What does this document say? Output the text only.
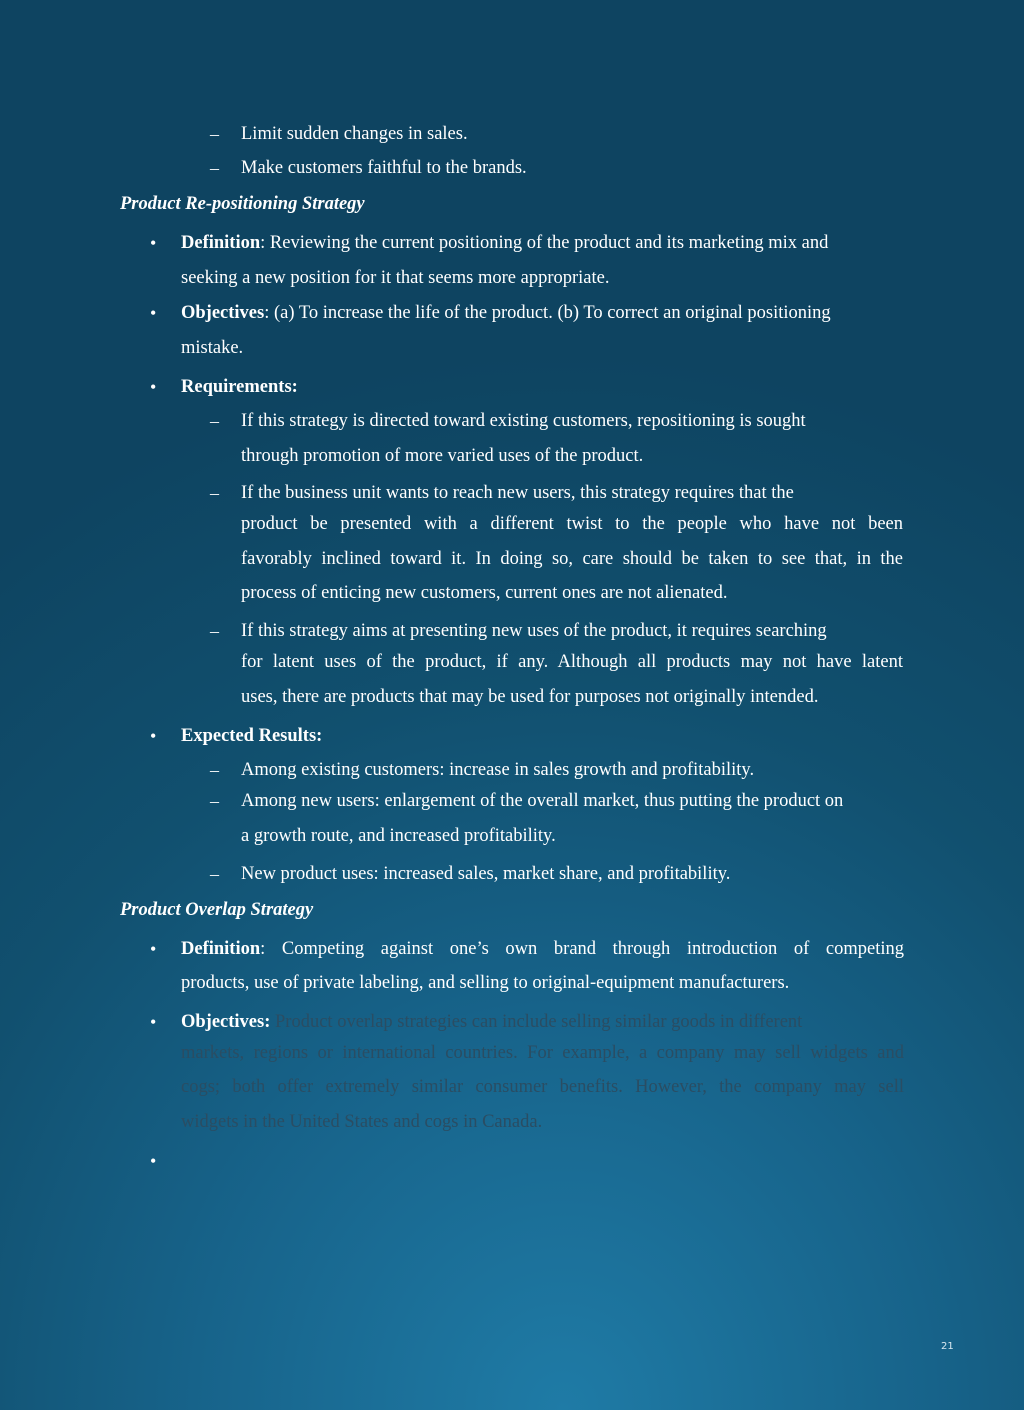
– Limit sudden changes in sales.
– Make customers faithful to the brands.
Product Re-positioning Strategy
• Definition: Reviewing the current positioning of the product and its marketing mix and
seeking a new position for it that seems more appropriate.
• Objectives: (a) To increase the life of the product. (b) To correct an original positioning
mistake.
• Requirements:
– If this strategy is directed toward existing customers, repositioning is sought
through promotion of more varied uses of the product.
– If the business unit wants to reach new users, this strategy requires that the
product be presented with a different twist to the people who have not been
favorably inclined toward it. In doing so, care should be taken to see that, in the
process of enticing new customers, current ones are not alienated.
– If this strategy aims at presenting new uses of the product, it requires searching
for latent uses of the product, if any. Although all products may not have latent
uses, there are products that may be used for purposes not originally intended.
• Expected Results:
– Among existing customers: increase in sales growth and profitability.
– Among new users: enlargement of the overall market, thus putting the product on
a growth route, and increased profitability.
– New product uses: increased sales, market share, and profitability.
Product Overlap Strategy
• Definition: Competing against one’s own brand through introduction of competing
products, use of private labeling, and selling to original-equipment manufacturers.
• Objectives: Product overlap strategies can include selling similar goods in different
markets, regions or international countries. For example, a company may sell widgets and
cogs; both offer extremely similar consumer benefits. However, the company may sell
widgets in the United States and cogs in Canada.
•
21
